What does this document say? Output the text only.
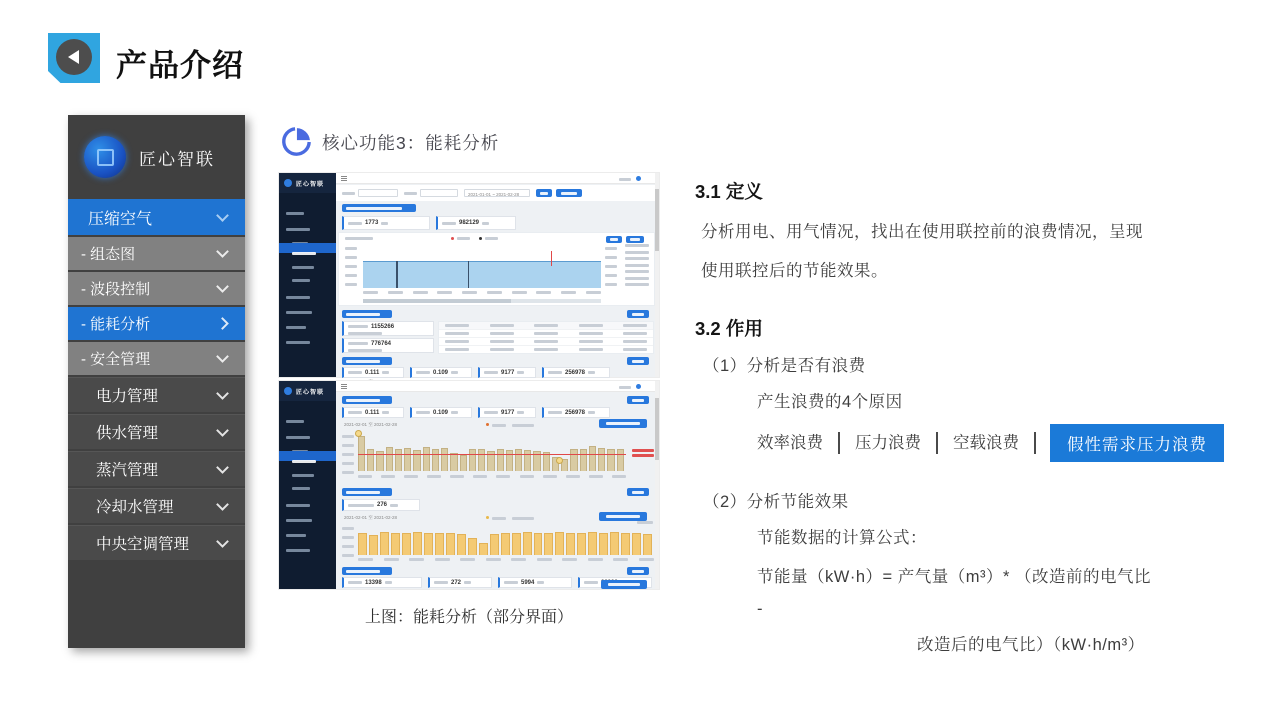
产品介绍
匠心智联
压缩空气
- 组态图
- 波段控制
- 能耗分析
- 安全管理
电力管理
供水管理
蒸汽管理
冷却水管理
中央空调管理
核心功能3：能耗分析
匠心智联
2021-01-01 ~ 2021-02-28
1773	982129
1155266

776764

0.111	0.109	9177	256978
匠心智联
0.111	0.109	9177	256978
2021-02-01 至 2021-02-28
276
2021-02-01 至 2021-02-28
13398	272	5994
上图：能耗分析（部分界面）
3.1 定义
分析用电、用气情况，找出在使用联控前的浪费情况，呈现
使用联控后的节能效果。
3.2 作用
（1）分析是否有浪费
产生浪费的4个原因
效率浪费	压力浪费	空载浪费	假性需求压力浪费
（2）分析节能效果
节能数据的计算公式：
节能量（kW·h）= 产气量（m³）* （改造前的电气比
-
改造后的电气比）（kW·h/m³）
